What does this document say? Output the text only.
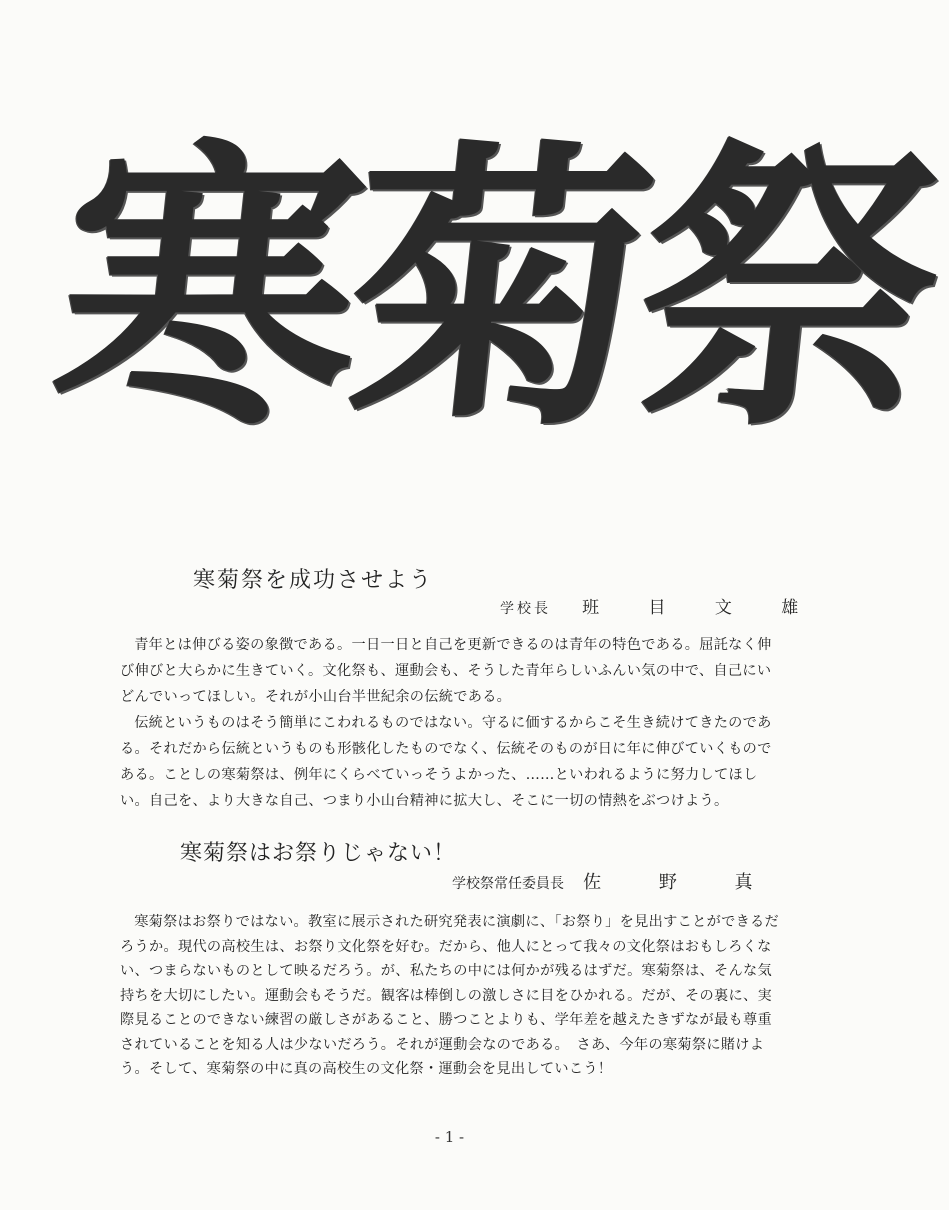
寒
菊
祭
寒菊祭を成功させよう
学校長 班 目 文 雄

青年とは伸びる姿の象徴である。一日一日と自己を更新できるのは青年の特色である。屈託なく伸び伸びと大らかに生きていく。文化祭も、運動会も、そうした青年らしいふんい気の中で、自己にいどんでいってほしい。それが小山台半世紀余の伝統である。

伝統というものはそう簡単にこわれるものではない。守るに価するからこそ生き続けてきたのである。それだから伝統というものも形骸化したものでなく、伝統そのものが日に年に伸びていくものである。ことしの寒菊祭は、例年にくらべていっそうよかった、……といわれるように努力してほしい。自己を、より大きな自己、つまり小山台精神に拡大し、そこに一切の情熱をぶつけよう。

寒菊祭はお祭りじゃない！
学校祭常任委員長 佐 野 真

寒菊祭はお祭りではない。教室に展示された研究発表に演劇に、「お祭り」を見出すことができるだろうか。現代の高校生は、お祭り文化祭を好む。だから、他人にとって我々の文化祭はおもしろくない、つまらないものとして映るだろう。が、私たちの中には何かが残るはずだ。寒菊祭は、そんな気持ちを大切にしたい。運動会もそうだ。観客は棒倒しの激しさに目をひかれる。だが、その裏に、実際見ることのできない練習の厳しさがあること、勝つことよりも、学年差を越えたきずなが最も尊重されていることを知る人は少ないだろう。それが運動会なのである。　さあ、今年の寒菊祭に賭けよう。そして、寒菊祭の中に真の高校生の文化祭・運動会を見出していこう！

- 1 -
